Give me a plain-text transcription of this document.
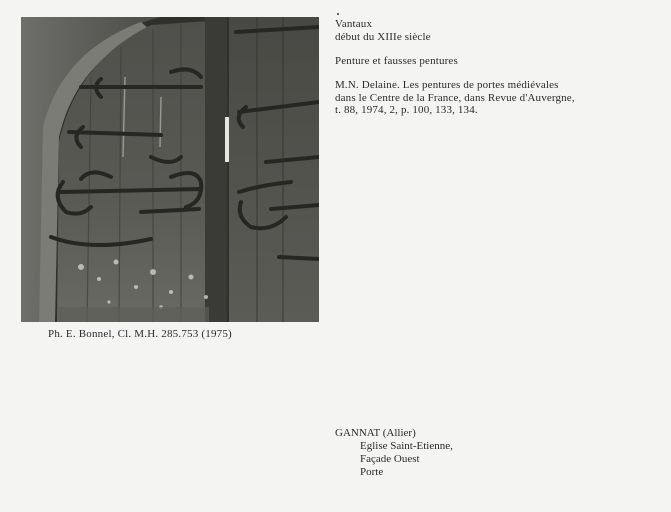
Ph. E. Bonnel, Cl. M.H. 285.753 (1975)
Vantaux
début du XIIIe siècle
Penture et fausses pentures
M.N. Delaine. Les pentures de portes médiévales
dans le Centre de la France, dans Revue d'Auvergne,
t. 88, 1974, 2, p. 100, 133, 134.
GANNAT (Allier)
Eglise Saint-Etienne,
Façade Ouest
Porte
